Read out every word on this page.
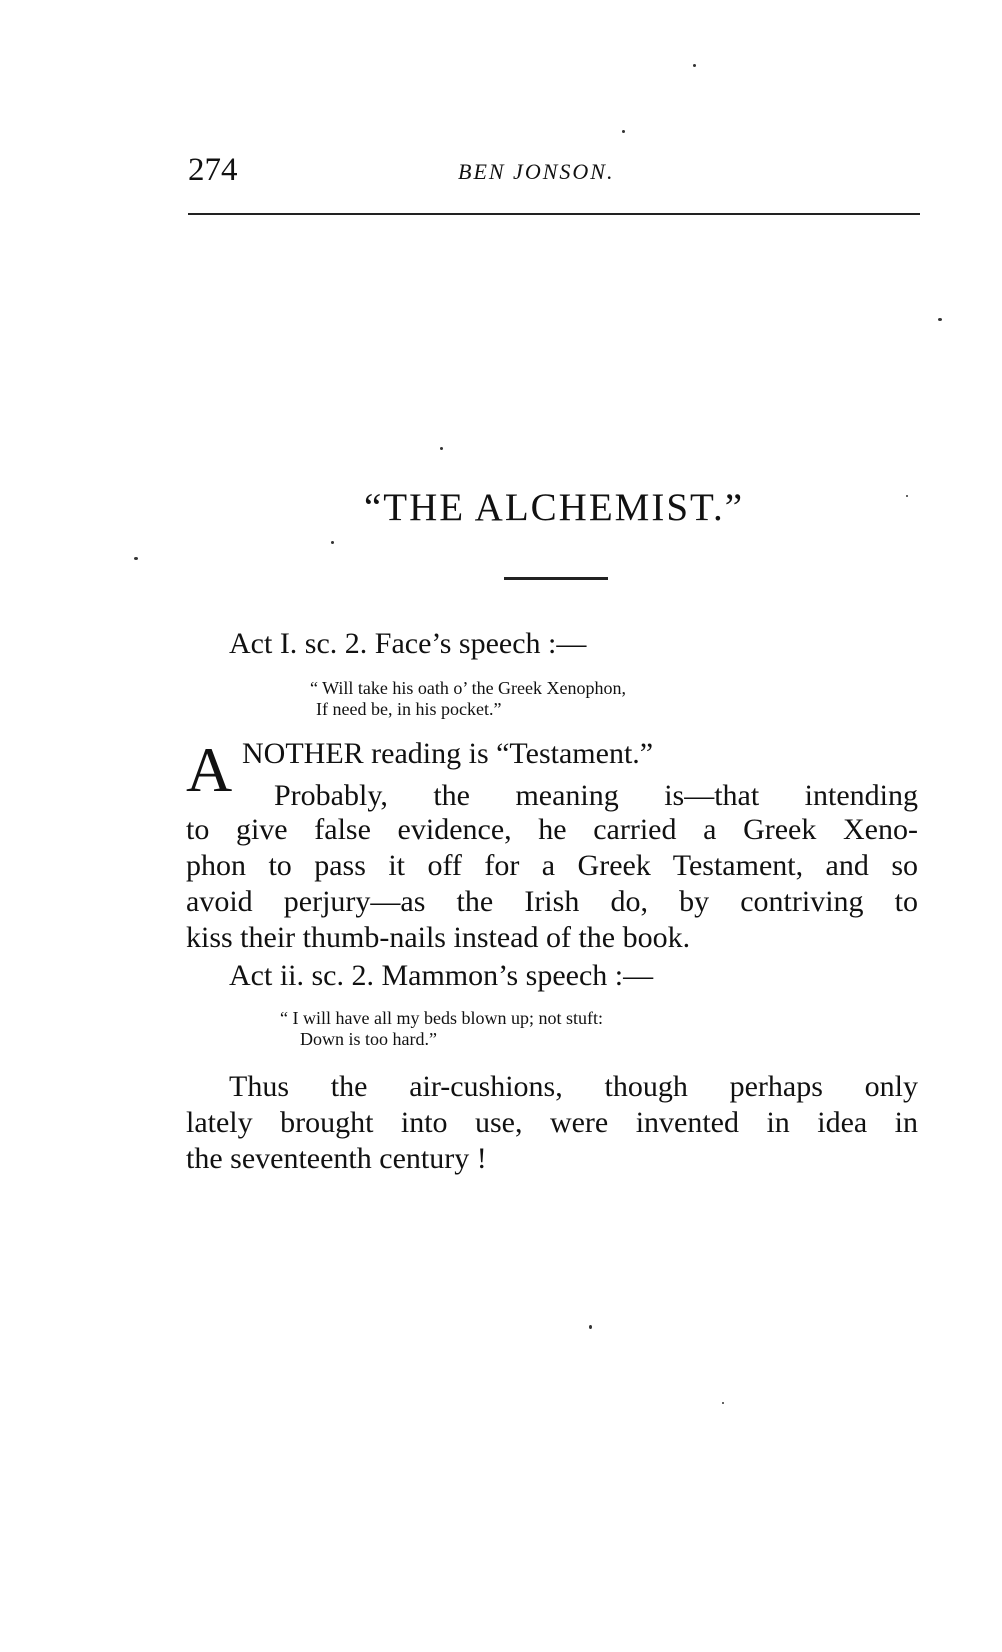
274	BEN JONSON.
“THE ALCHEMIST.”
Act I. sc. 2. Face’s speech :—
“ Will take his oath o’ the Greek Xenophon,
If need be, in his pocket.”
A NOTHER reading is “Testament.”
Probably, the meaning is—that intending
to give false evidence, he carried a Greek Xeno-
phon to pass it off for a Greek Testament, and so
avoid perjury—as the Irish do, by contriving to
kiss their thumb-nails instead of the book.
Act ii. sc. 2. Mammon’s speech :—
“ I will have all my beds blown up; not stuft:
Down is too hard.”
Thus the air-cushions, though perhaps only
lately brought into use, were invented in idea in
the seventeenth century !
